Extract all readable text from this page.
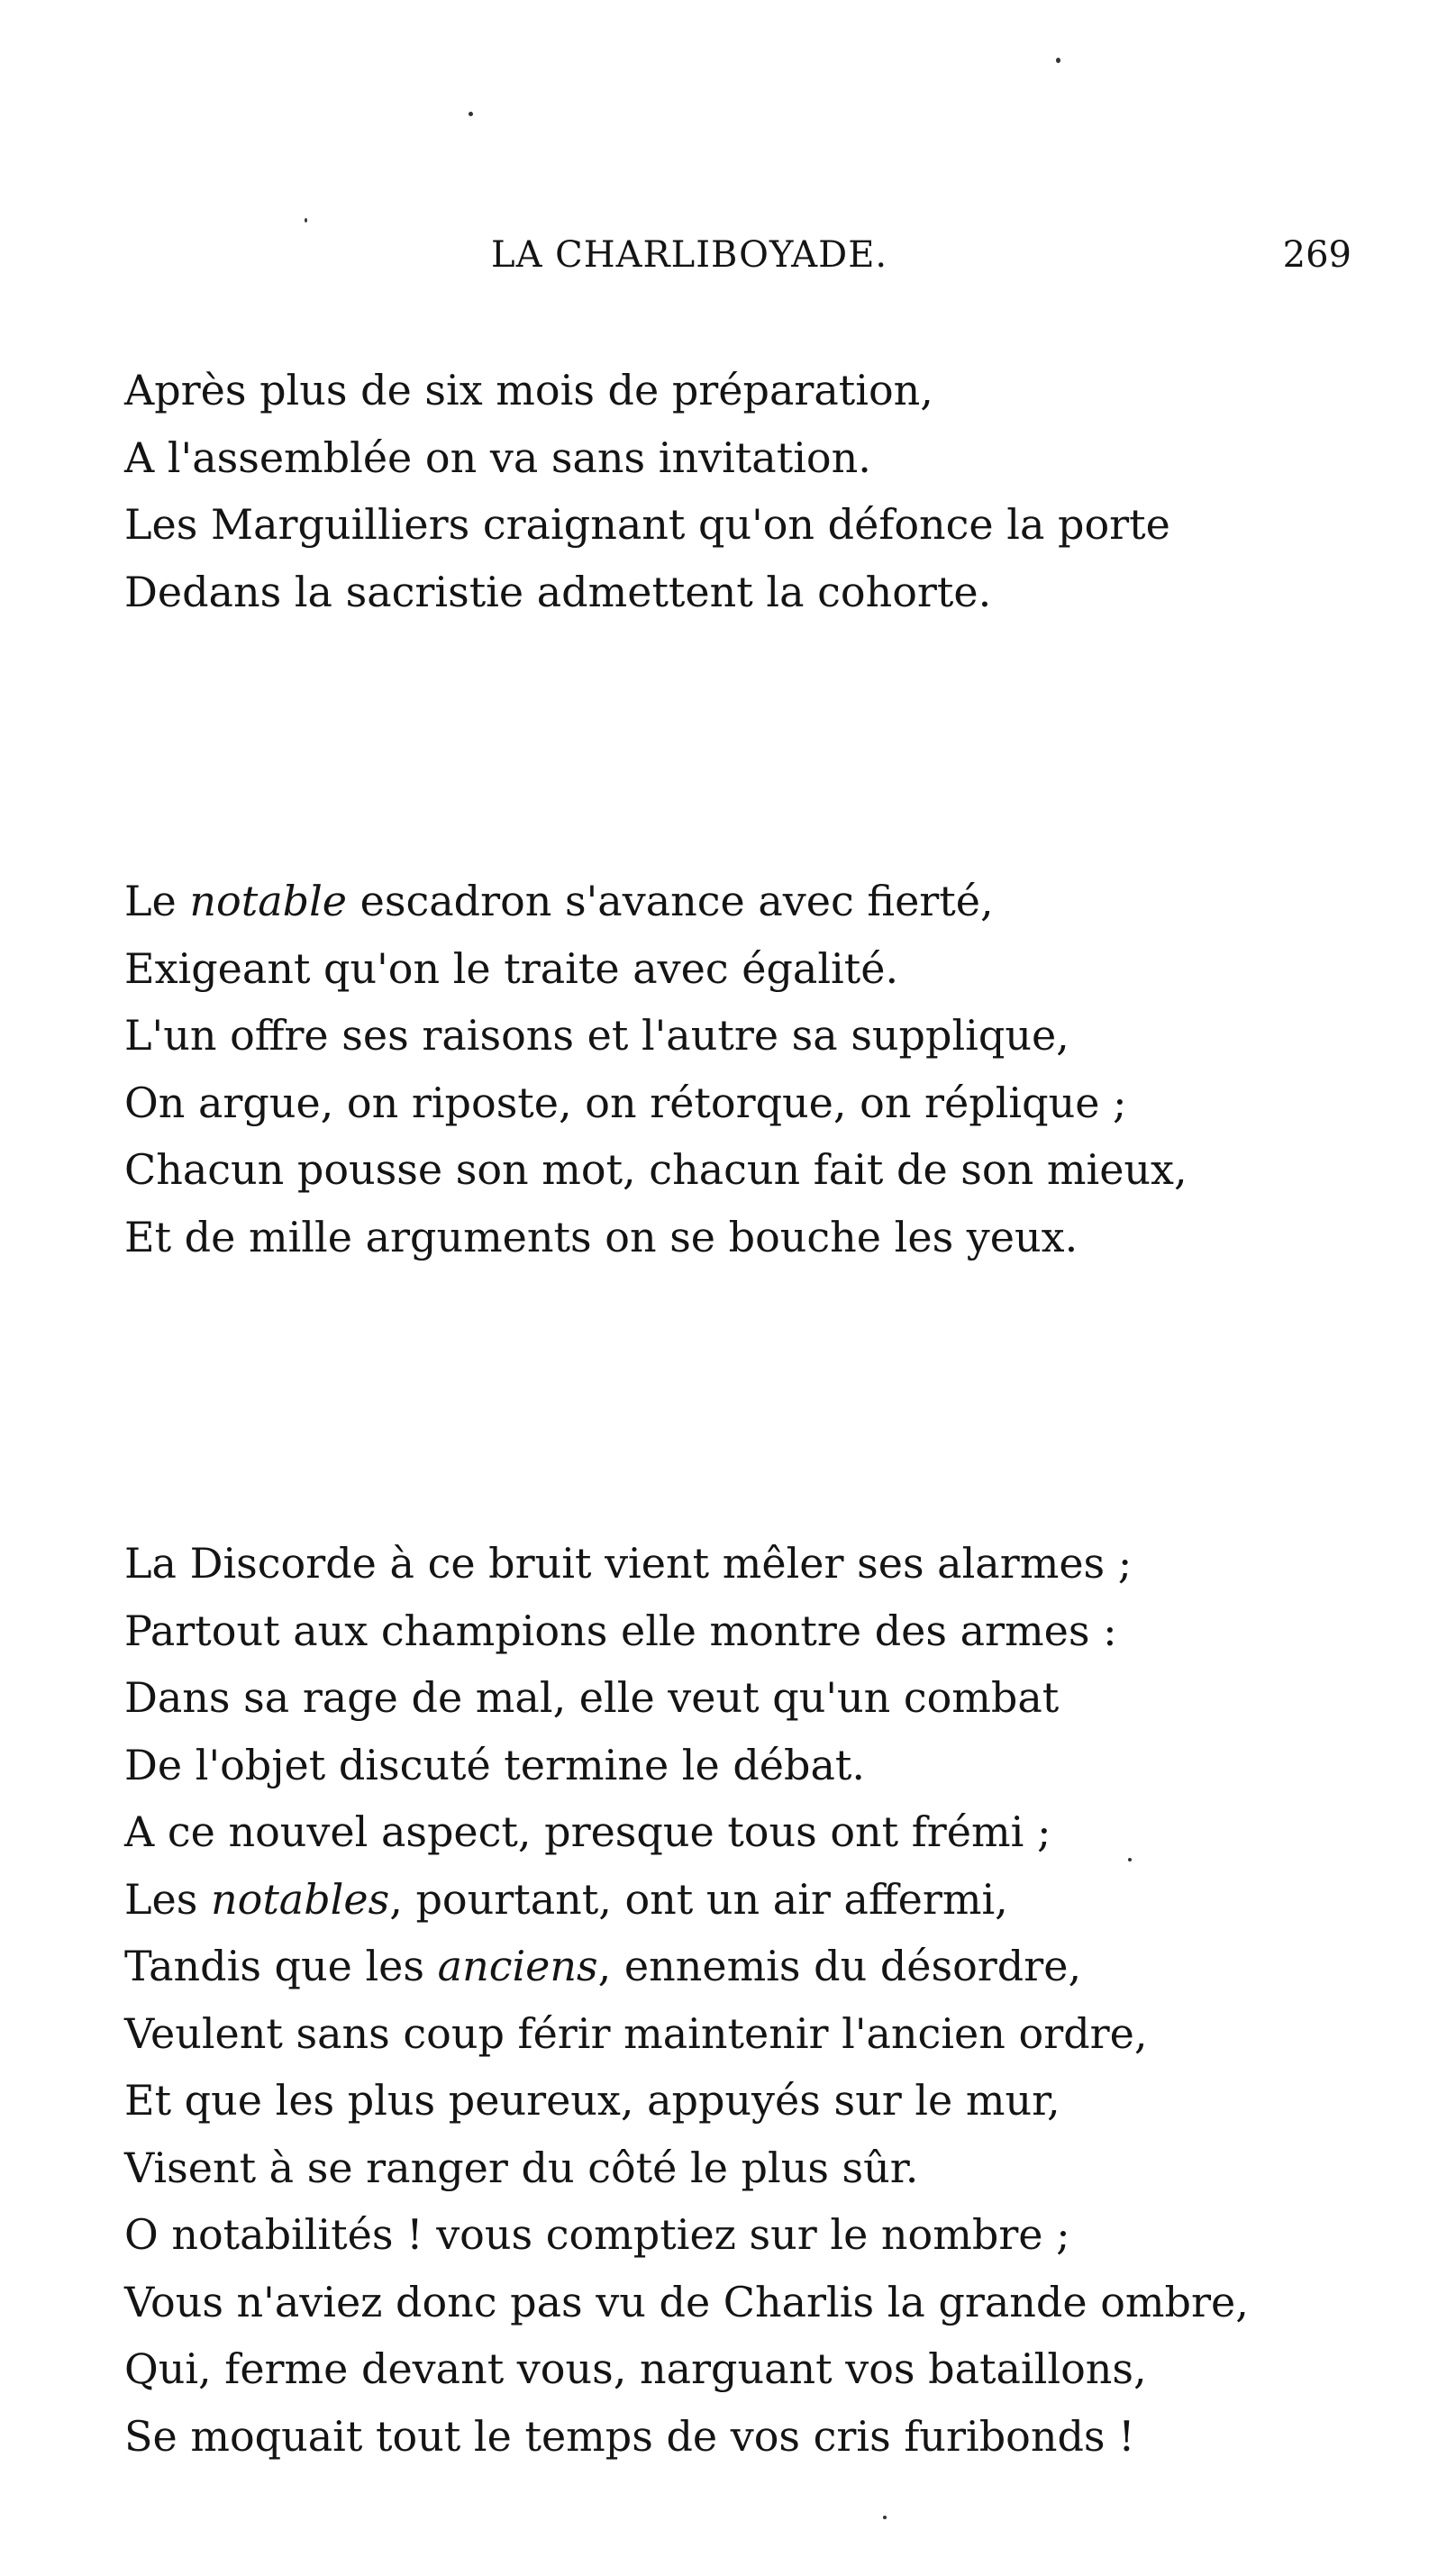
LA CHARLIBOYADE.	269
Après plus de six mois de préparation,
A l'assemblée on va sans invitation.
Les Marguilliers craignant qu'on défonce la porte
Dedans la sacristie admettent la cohorte.
Le notable escadron s'avance avec fierté,
Exigeant qu'on le traite avec égalité.
L'un offre ses raisons et l'autre sa supplique,
On argue, on riposte, on rétorque, on réplique ;
Chacun pousse son mot, chacun fait de son mieux,
Et de mille arguments on se bouche les yeux.
La Discorde à ce bruit vient mêler ses alarmes ;
Partout aux champions elle montre des armes :
Dans sa rage de mal, elle veut qu'un combat
De l'objet discuté termine le débat.
A ce nouvel aspect, presque tous ont frémi ;
Les notables, pourtant, ont un air affermi,
Tandis que les anciens, ennemis du désordre,
Veulent sans coup férir maintenir l'ancien ordre,
Et que les plus peureux, appuyés sur le mur,
Visent à se ranger du côté le plus sûr.
O notabilités ! vous comptiez sur le nombre ;
Vous n'aviez donc pas vu de Charlis la grande ombre,
Qui, ferme devant vous, narguant vos bataillons,
Se moquait tout le temps de vos cris furibonds !
